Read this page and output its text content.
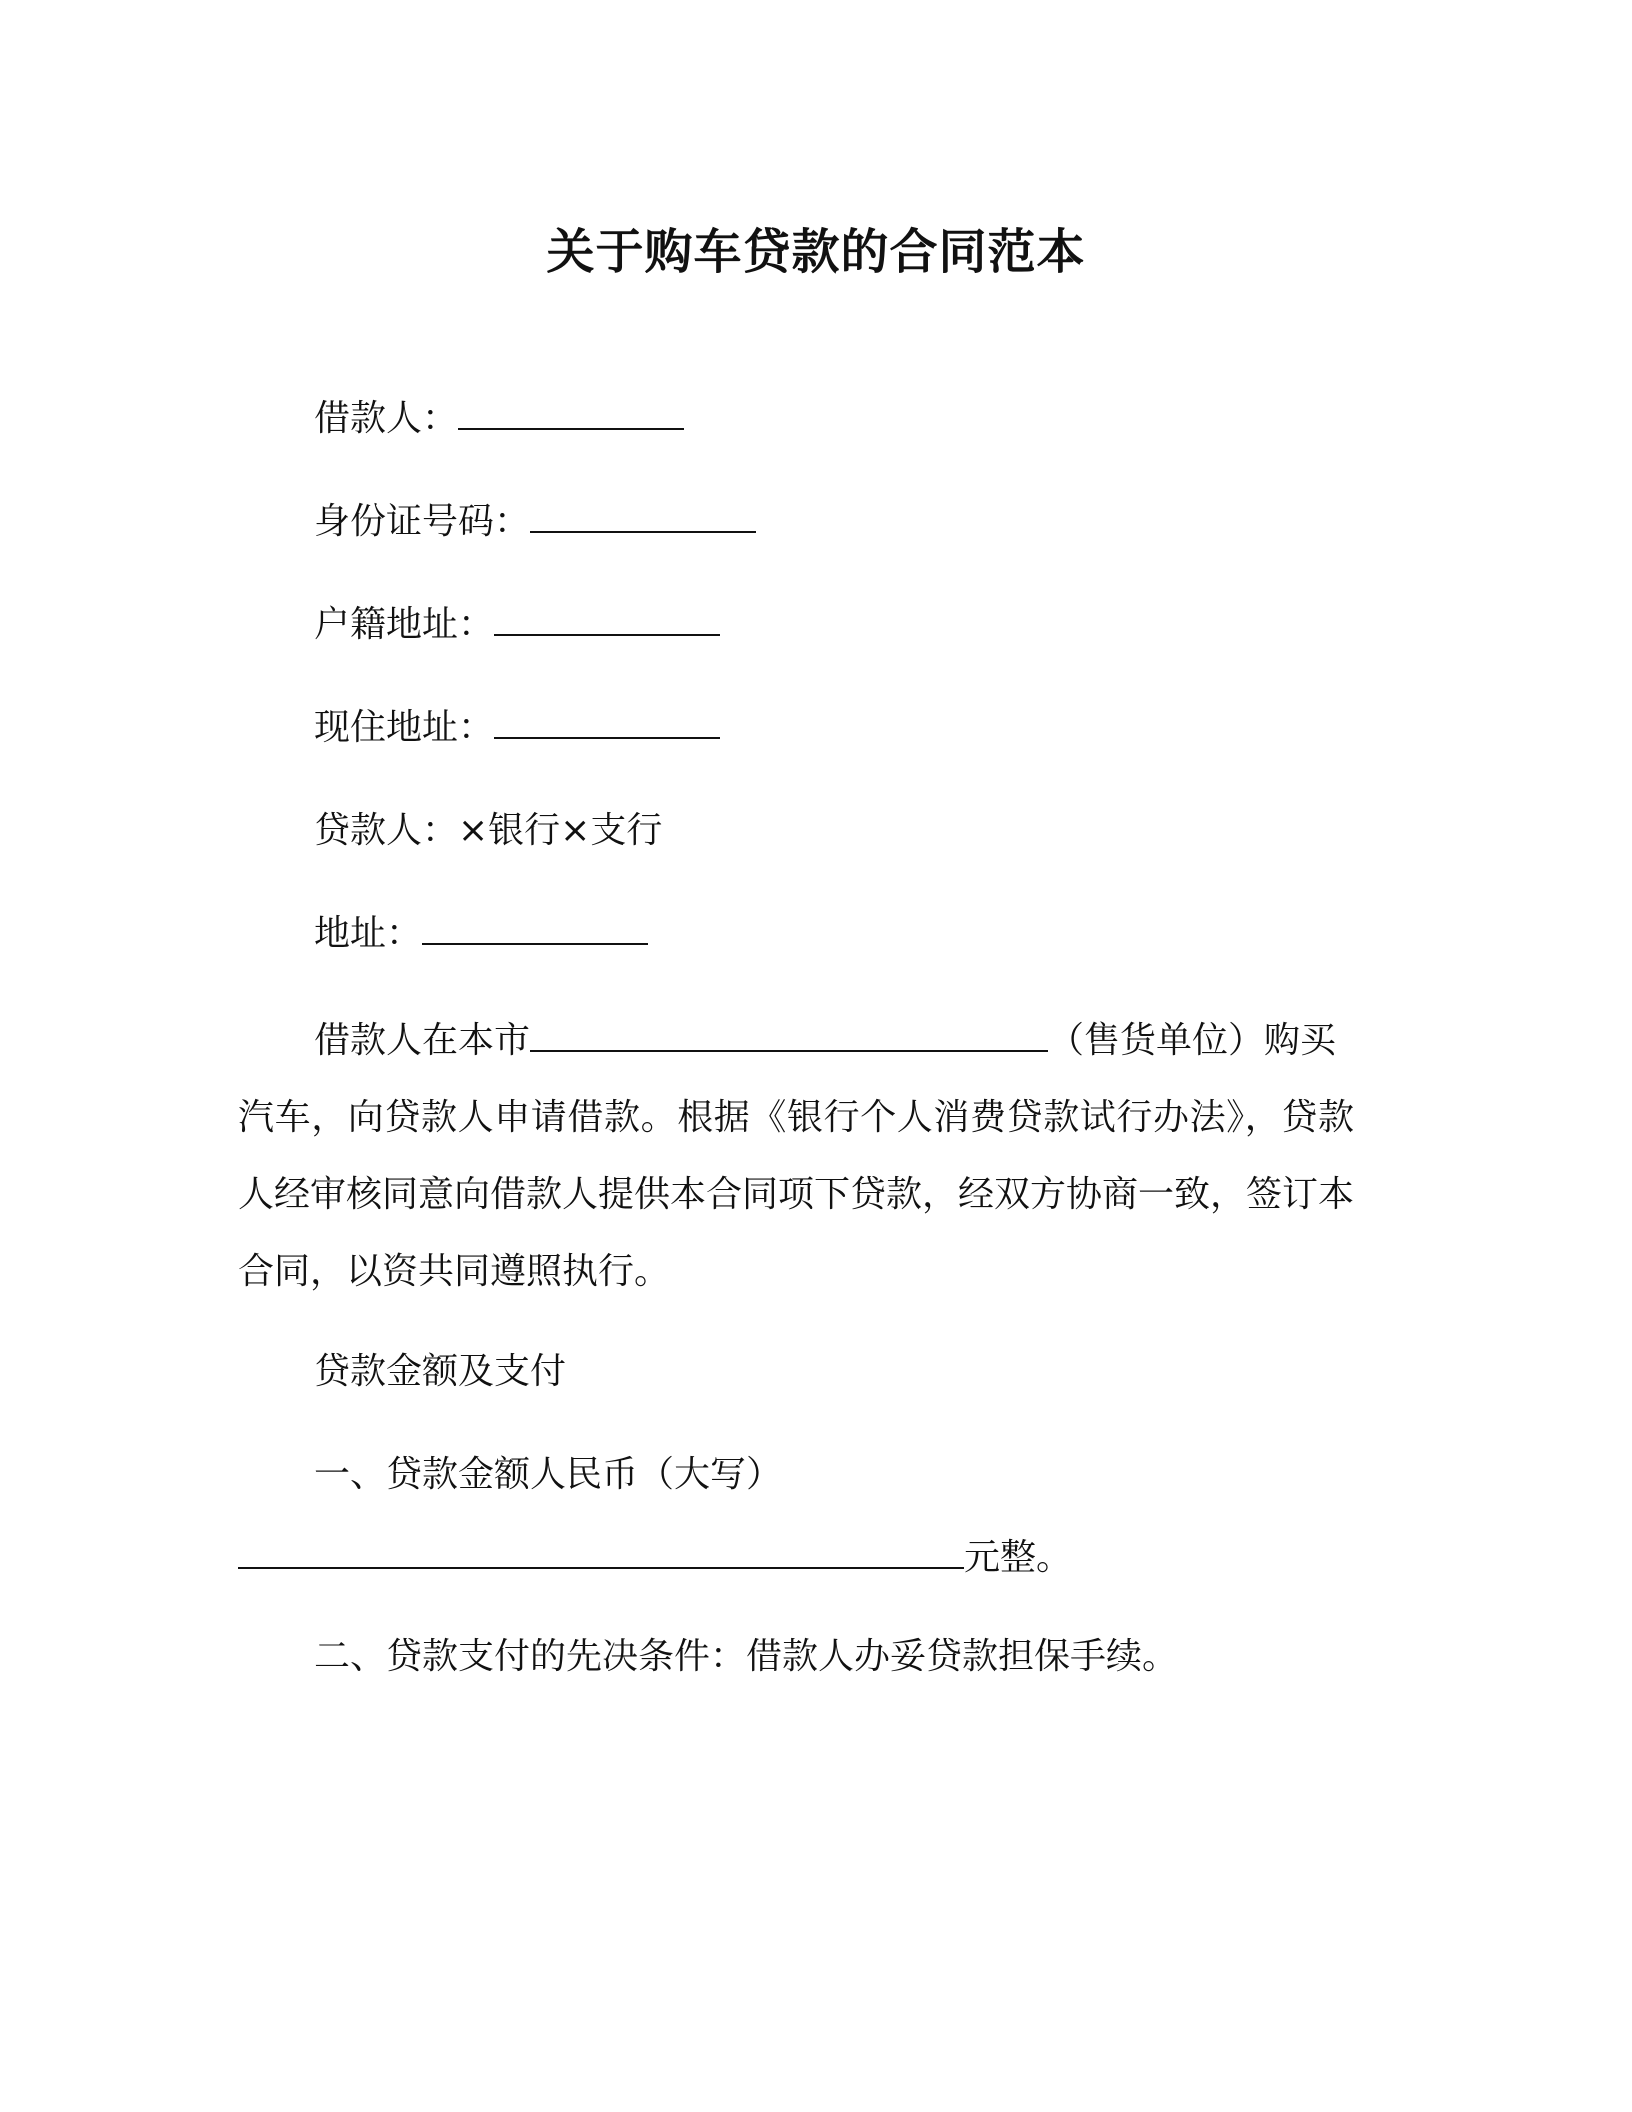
关于购车贷款的合同范本
借款人：
身份证号码：
户籍地址：
现住地址：
贷款人：×银行×支行
地址：
借款人在本市	（售货单位）购买
汽车，向贷款人申请借款。根据《银行个人消费贷款试行办法》，贷款人经审核同意向借款人提供本合同项下贷款，经双方协商一致，签订本合同，以资共同遵照执行。
贷款金额及支付
一、贷款金额人民币（大写）
元整。
二、贷款支付的先决条件：借款人办妥贷款担保手续。
